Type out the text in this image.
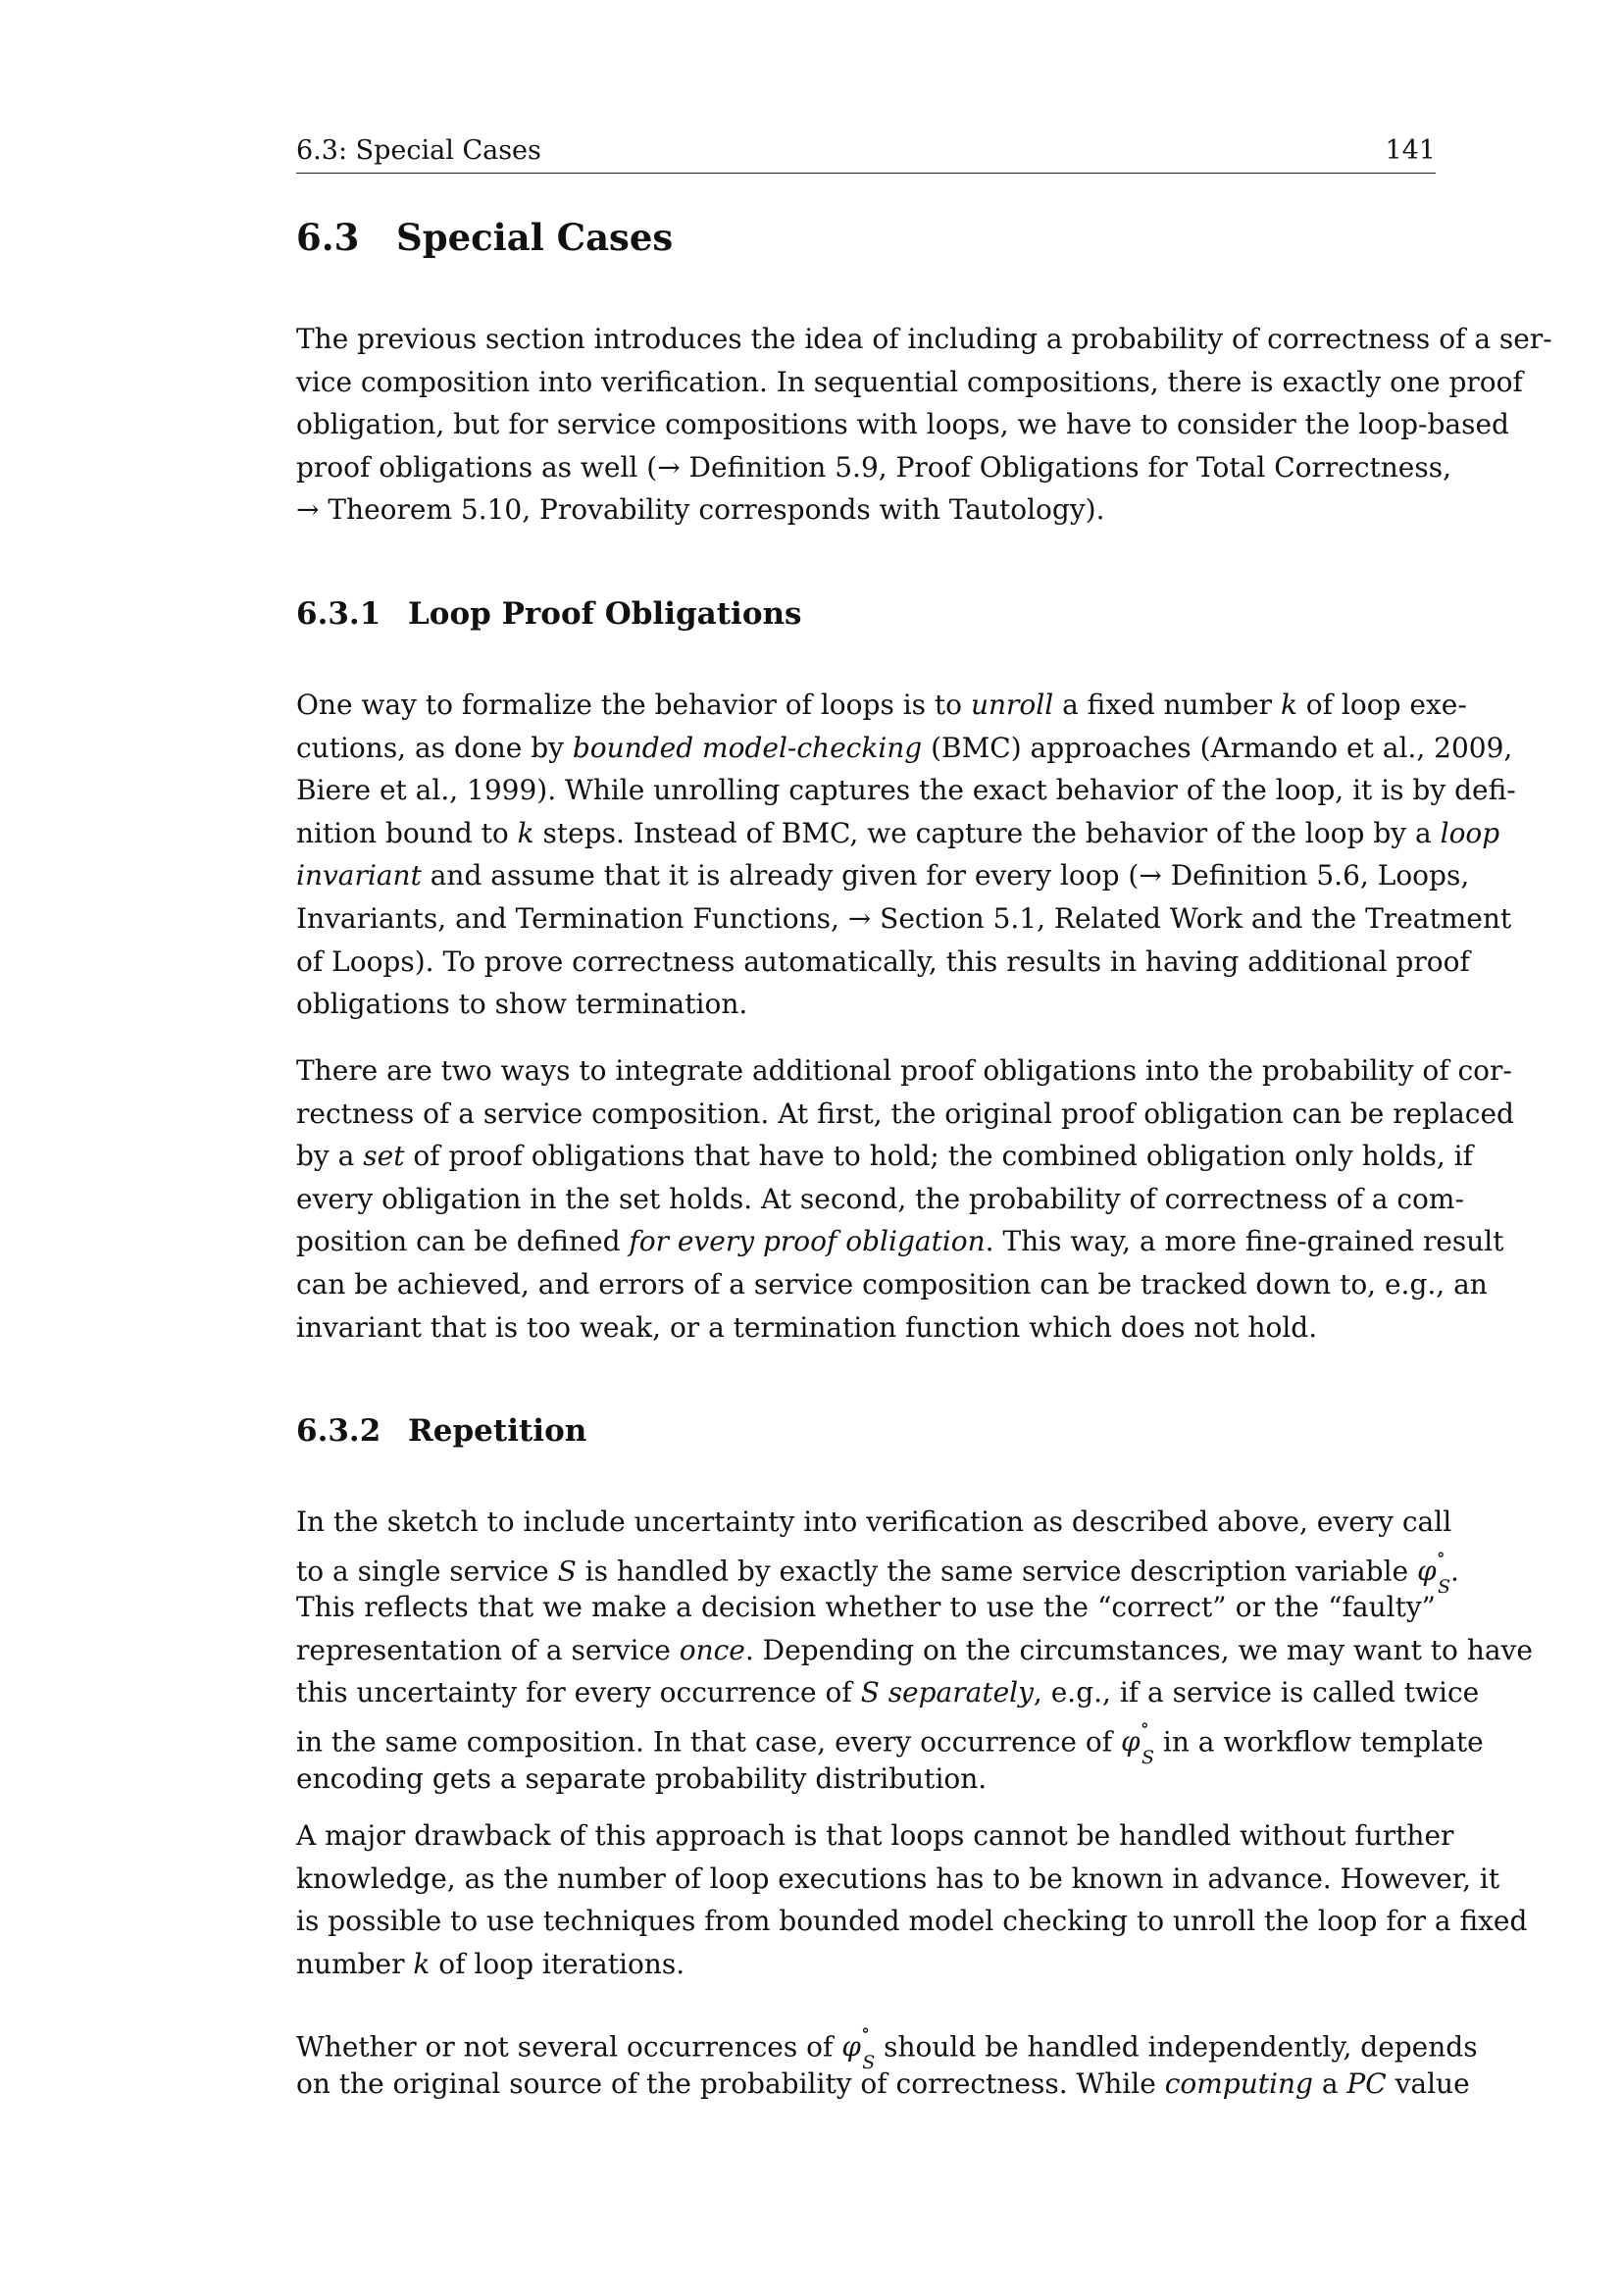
6.3: Special Cases	141
6.3 Special Cases
The previous section introduces the idea of including a probability of correctness of a ser-
vice composition into verification. In sequential compositions, there is exactly one proof
obligation, but for service compositions with loops, we have to consider the loop-based
proof obligations as well (→ Definition 5.9, Proof Obligations for Total Correctness,
→ Theorem 5.10, Provability corresponds with Tautology).
6.3.1 Loop Proof Obligations
One way to formalize the behavior of loops is to unroll a fixed number k of loop exe-
cutions, as done by bounded model-checking (BMC) approaches (Armando et al., 2009,
Biere et al., 1999). While unrolling captures the exact behavior of the loop, it is by defi-
nition bound to k steps. Instead of BMC, we capture the behavior of the loop by a loop
invariant and assume that it is already given for every loop (→ Definition 5.6, Loops,
Invariants, and Termination Functions, → Section 5.1, Related Work and the Treatment
of Loops). To prove correctness automatically, this results in having additional proof
obligations to show termination.
There are two ways to integrate additional proof obligations into the probability of cor-
rectness of a service composition. At first, the original proof obligation can be replaced
by a set of proof obligations that have to hold; the combined obligation only holds, if
every obligation in the set holds. At second, the probability of correctness of a com-
position can be defined for every proof obligation. This way, a more fine-grained result
can be achieved, and errors of a service composition can be tracked down to, e.g., an
invariant that is too weak, or a termination function which does not hold.
6.3.2 Repetition
In the sketch to include uncertainty into verification as described above, every call
to a single service S is handled by exactly the same service description variable $\varphi^\circ_S$.
This reflects that we make a decision whether to use the “correct” or the “faulty”
representation of a service once. Depending on the circumstances, we may want to have
this uncertainty for every occurrence of S separately, e.g., if a service is called twice
in the same composition. In that case, every occurrence of $\varphi^\circ_S$ in a workflow template
encoding gets a separate probability distribution.
A major drawback of this approach is that loops cannot be handled without further
knowledge, as the number of loop executions has to be known in advance. However, it
is possible to use techniques from bounded model checking to unroll the loop for a fixed
number k of loop iterations.
Whether or not several occurrences of $\varphi^\circ_S$ should be handled independently, depends
on the original source of the probability of correctness. While computing a PC value
